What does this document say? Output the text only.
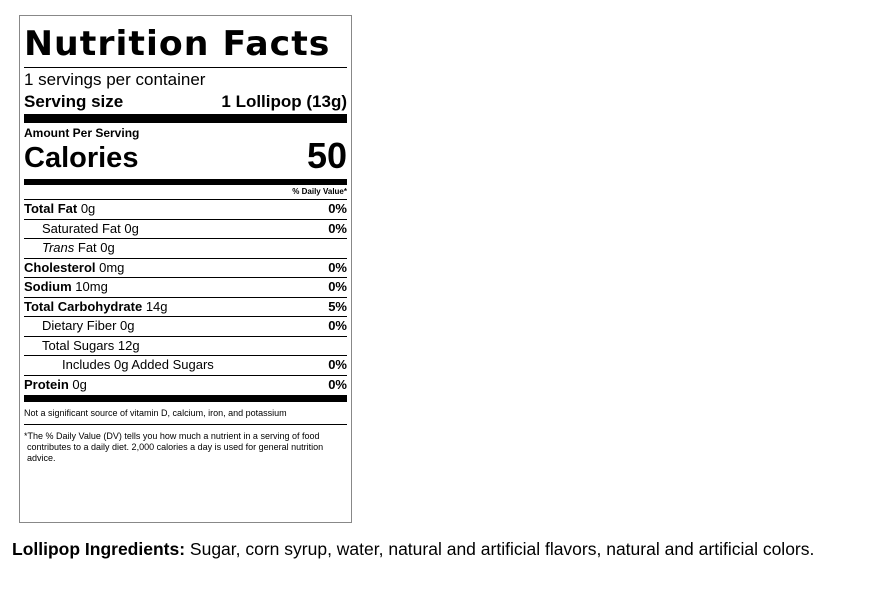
Nutrition Facts
1 servings per container
Serving size	1 Lollipop (13g)
Amount Per Serving
Calories	50
% Daily Value*
Total Fat 0g	0%
Saturated Fat 0g	0%
Trans Fat 0g
Cholesterol 0mg	0%
Sodium 10mg	0%
Total Carbohydrate 14g	5%
Dietary Fiber 0g	0%
Total Sugars 12g
Includes 0g Added Sugars	0%
Protein 0g	0%
Not a significant source of vitamin D, calcium, iron, and potassium
*The % Daily Value (DV) tells you how much a nutrient in a serving of food contributes to a daily diet. 2,000 calories a day is used for general nutrition advice.
Lollipop Ingredients: Sugar, corn syrup, water, natural and artificial flavors, natural and artificial colors.
